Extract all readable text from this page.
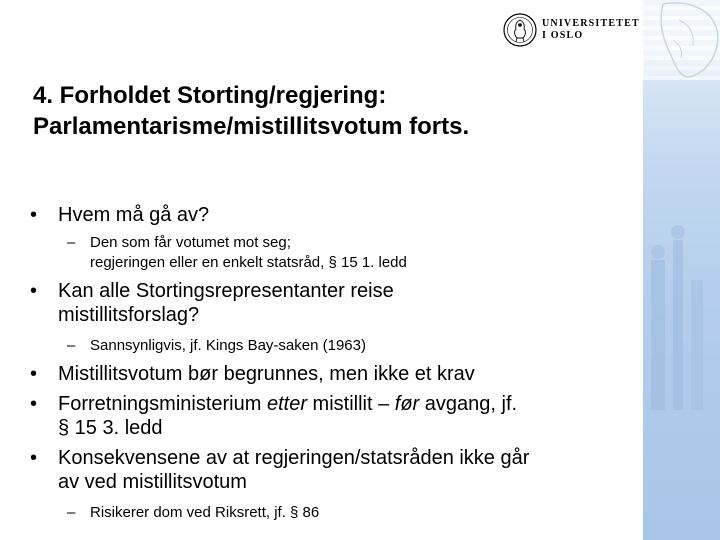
UNIVERSITETET
I OSLO
4. Forholdet Storting/regjering:
Parlamentarisme/mistillitsvotum forts.
• Hvem må gå av?
– Den som får votumet mot seg;
regjeringen eller en enkelt statsråd, § 15 1. ledd
• Kan alle Stortingsrepresentanter reise
mistillitsforslag?
– Sannsynligvis, jf. Kings Bay-saken (1963)
• Mistillitsvotum bør begrunnes, men ikke et krav
• Forretningsministerium etter mistillit – før avgang, jf.
§ 15 3. ledd
• Konsekvensene av at regjeringen/statsråden ikke går
av ved mistillitsvotum
– Risikerer dom ved Riksrett, jf. § 86
